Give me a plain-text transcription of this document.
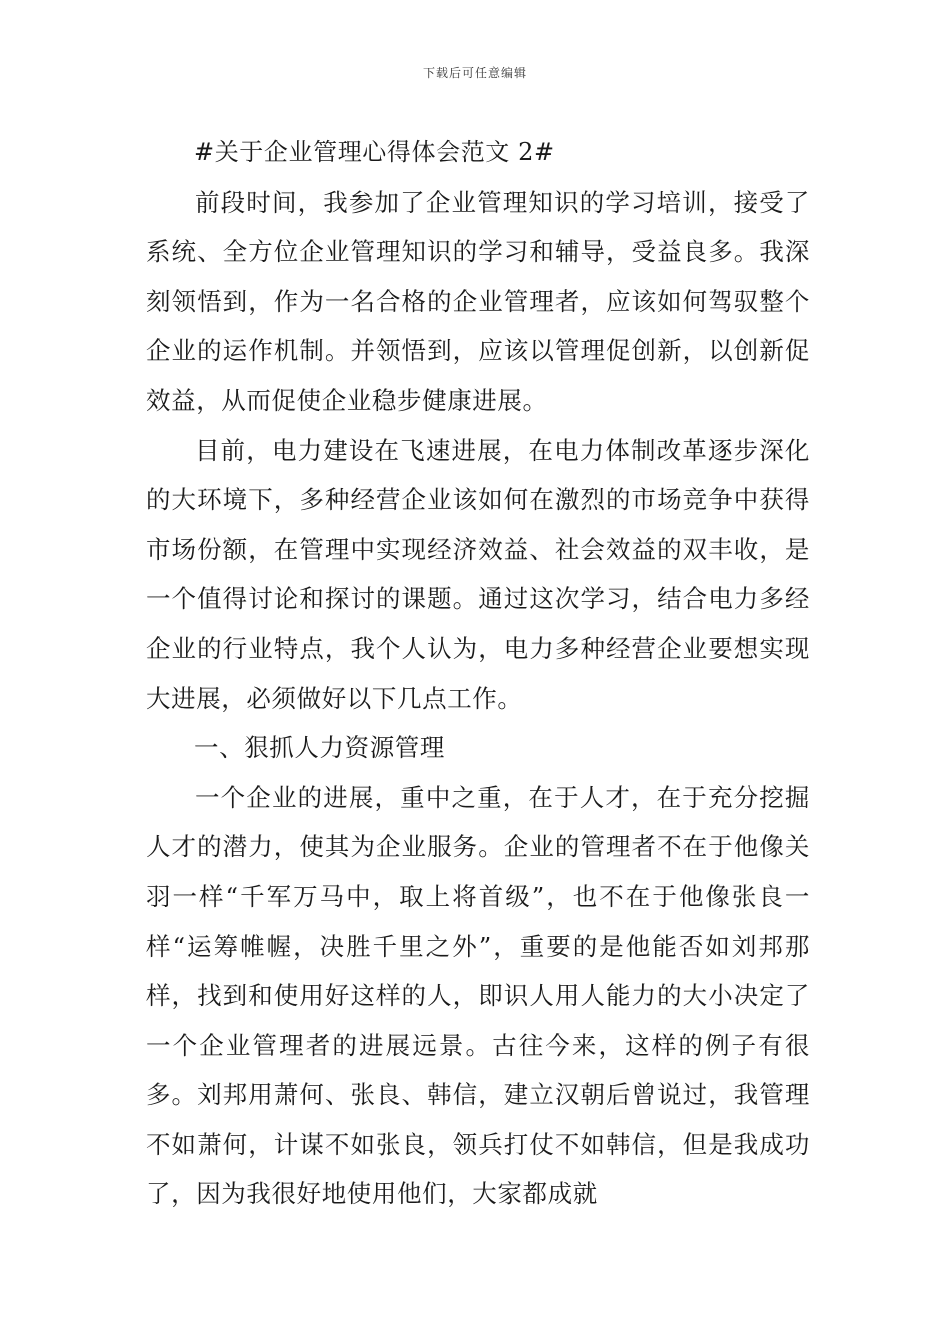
下载后可任意编辑

#关于企业管理心得体会范文 2#

前段时间，我参加了企业管理知识的学习培训，接受了系统、全方位企业管理知识的学习和辅导，受益良多。我深刻领悟到，作为一名合格的企业管理者，应该如何驾驭整个企业的运作机制。并领悟到，应该以管理促创新，以创新促效益，从而促使企业稳步健康进展。

目前，电力建设在飞速进展，在电力体制改革逐步深化的大环境下，多种经营企业该如何在激烈的市场竞争中获得市场份额，在管理中实现经济效益、社会效益的双丰收，是一个值得讨论和探讨的课题。通过这次学习，结合电力多经企业的行业特点，我个人认为，电力多种经营企业要想实现大进展，必须做好以下几点工作。

一、狠抓人力资源管理

一个企业的进展，重中之重，在于人才，在于充分挖掘人才的潜力，使其为企业服务。企业的管理者不在于他像关羽一样“千军万马中，取上将首级”，也不在于他像张良一样“运筹帷幄，决胜千里之外”，重要的是他能否如刘邦那样，找到和使用好这样的人，即识人用人能力的大小决定了一个企业管理者的进展远景。古往今来，这样的例子有很多。刘邦用萧何、张良、韩信，建立汉朝后曾说过，我管理不如萧何，计谋不如张良，领兵打仗不如韩信，但是我成功了，因为我很好地使用他们，大家都成就
